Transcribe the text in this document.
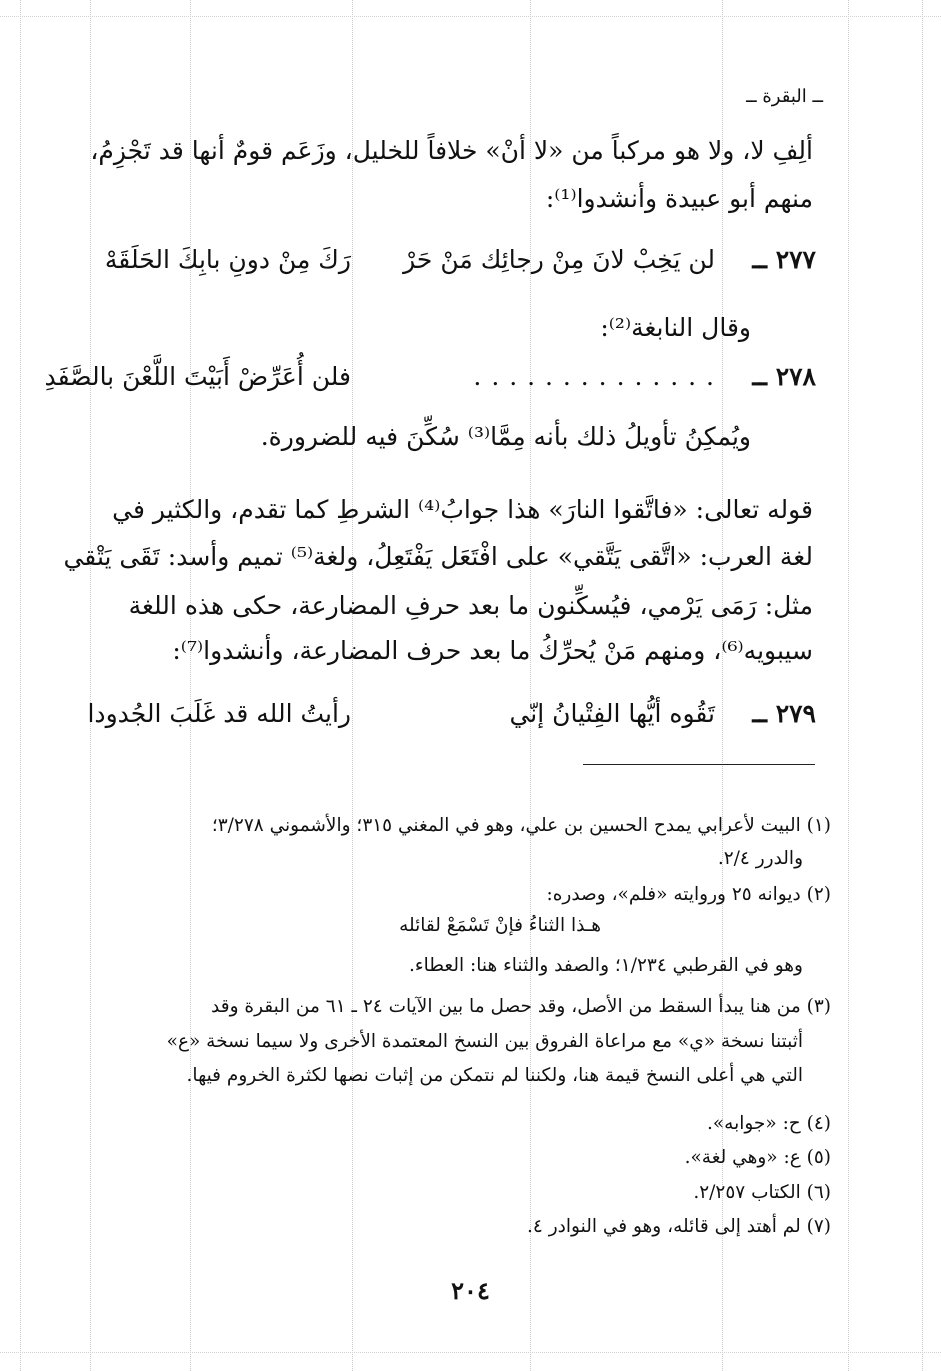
ــ البقرة ــ
ألِفِ لا، ولا هو مركباً من «لا أنْ» خلافاً للخليل، وزَعَم قومٌ أنها قد تَجْزِمُ،
منهم أبو عبيدة وأنشدوا⁽¹⁾:
٢٧٧ ــ
لن يَخِبْ لانَ مِنْ رجائِك مَنْ حَرْ
رَكَ مِنْ دونِ بابِكَ الحَلَقَهْ
وقال النابغة⁽²⁾:
٢٧٨ ــ
. . . . . . . . . . . . . .
فلن أُعَرِّضْ أَبَيْتَ اللَّعْنَ بالصَّفَدِ
ويُمكِنُ تأويلُ ذلك بأنه مِمَّا⁽³⁾ سُكِّنَ فيه للضرورة.
قوله تعالى: «فاتَّقوا النارَ» هذا جوابُ⁽⁴⁾ الشرطِ كما تقدم، والكثير في
لغة العرب: «اتَّقى يَتَّقي» على افْتَعَل يَفْتَعِلُ، ولغة⁽⁵⁾ تميم وأسد: تَقَى يَتْقي
مثل: رَمَى يَرْمي، فيُسكِّنون ما بعد حرفِ المضارعة، حكى هذه اللغة
سيبويه⁽⁶⁾، ومنهم مَنْ يُحرِّكُ ما بعد حرف المضارعة، وأنشدوا⁽⁷⁾:
٢٧٩ ــ
تَقُوه أيُّها الفِتْيانُ إنّي
رأيتُ الله قد غَلَبَ الجُدودا
(١) البيت لأعرابي يمدح الحسين بن علي، وهو في المغني ٣١٥؛ والأشموني ٣/٢٧٨؛
والدرر ٢/٤.
(٢) ديوانه ٢٥ وروايته «فلم»، وصدره:
هـذا الثناءُ فإنْ تَسْمَعْ لقائله
وهو في القرطبي ١/٢٣٤؛ والصفد والثناء هنا: العطاء.
(٣) من هنا يبدأ السقط من الأصل، وقد حصل ما بين الآيات ٢٤ ـ ٦١ من البقرة وقد
أثبتنا نسخة «ي» مع مراعاة الفروق بين النسخ المعتمدة الأخرى ولا سيما نسخة «ع»
التي هي أعلى النسخ قيمة هنا، ولكننا لم نتمكن من إثبات نصها لكثرة الخروم فيها.
(٤) ح: «جوابه».
(٥) ع: «وهي لغة».
(٦) الكتاب ٢/٢٥٧.
(٧) لم أهتد إلى قائله، وهو في النوادر ٤.
٢٠٤
